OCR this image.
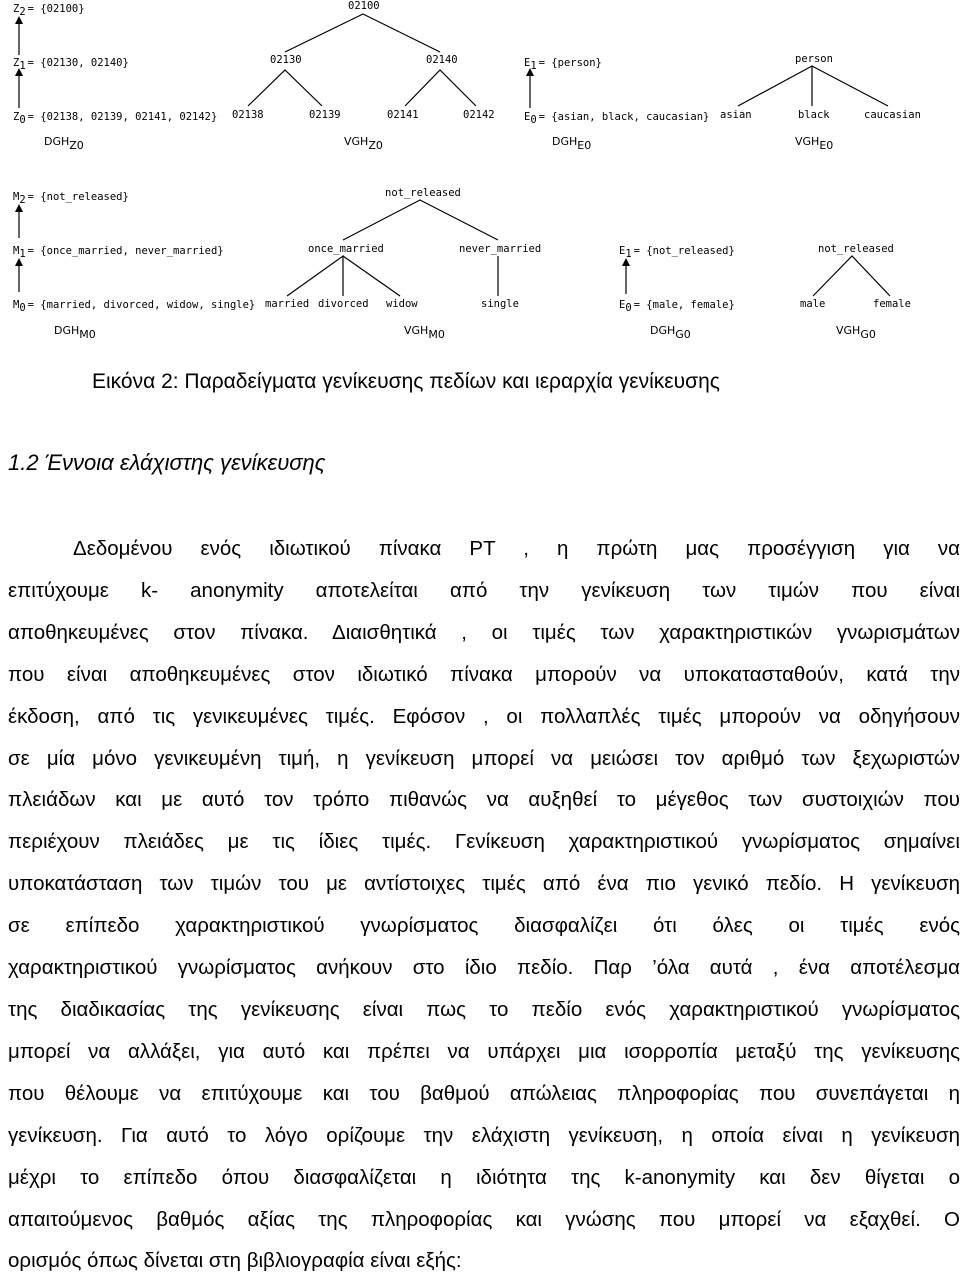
Z2 = {02100}
Z1 = {02130, 02140}
Z0 = {02138, 02139, 02141, 02142}
DGHZ0
02100
02130	02140
02138	02139	02141	02142
VGHZ0
E1 = {person}
E0 = {asian, black, caucasian}
DGHE0
person
asian	black	caucasian
VGHE0
M2 = {not_released}
M1 = {once_married, never_married}
M0 = {married, divorced, widow, single}
DGHM0
not_released
once_married	never_married
married divorced widow	single
VGHM0
E1 = {not_released}
E0 = {male, female}
DGHG0
not_released
male	female
VGHG0

Εικόνα 2: Παραδείγματα γενίκευσης πεδίων και ιεραρχία γενίκευσης

1.2 Έννοια ελάχιστης γενίκευσης
Δεδομένου ενός ιδιωτικού πίνακα PT , η πρώτη μας προσέγγιση για να
επιτύχουμε k- anonymity αποτελείται από την γενίκευση των τιμών που είναι
αποθηκευμένες στον πίνακα. Διαισθητικά , οι τιμές των χαρακτηριστικών γνωρισμάτων
που είναι αποθηκευμένες στον ιδιωτικό πίνακα μπορούν να υποκατασταθούν, κατά την
έκδοση, από τις γενικευμένες τιμές. Εφόσον , οι πολλαπλές τιμές μπορούν να οδηγήσουν
σε μία μόνο γενικευμένη τιμή, η γενίκευση μπορεί να μειώσει τον αριθμό των ξεχωριστών
πλειάδων και με αυτό τον τρόπο πιθανώς να αυξηθεί το μέγεθος των συστοιχιών που
περιέχουν πλειάδες με τις ίδιες τιμές. Γενίκευση χαρακτηριστικού γνωρίσματος σημαίνει
υποκατάσταση των τιμών του με αντίστοιχες τιμές από ένα πιο γενικό πεδίο. Η γενίκευση
σε επίπεδο χαρακτηριστικού γνωρίσματος διασφαλίζει ότι όλες οι τιμές ενός
χαρακτηριστικού γνωρίσματος ανήκουν στο ίδιο πεδίο. Παρ ’όλα αυτά , ένα αποτέλεσμα
της διαδικασίας της γενίκευσης είναι πως το πεδίο ενός χαρακτηριστικού γνωρίσματος
μπορεί να αλλάξει, για αυτό και πρέπει να υπάρχει μια ισορροπία μεταξύ της γενίκευσης
που θέλουμε να επιτύχουμε και του βαθμού απώλειας πληροφορίας που συνεπάγεται η
γενίκευση. Για αυτό το λόγο ορίζουμε την ελάχιστη γενίκευση, η οποία είναι η γενίκευση
μέχρι το επίπεδο όπου διασφαλίζεται η ιδιότητα της k-anonymity και δεν θίγεται ο
απαιτούμενος βαθμός αξίας της πληροφορίας και γνώσης που μπορεί να εξαχθεί. Ο
ορισμός όπως δίνεται στη βιβλιογραφία είναι εξής:
